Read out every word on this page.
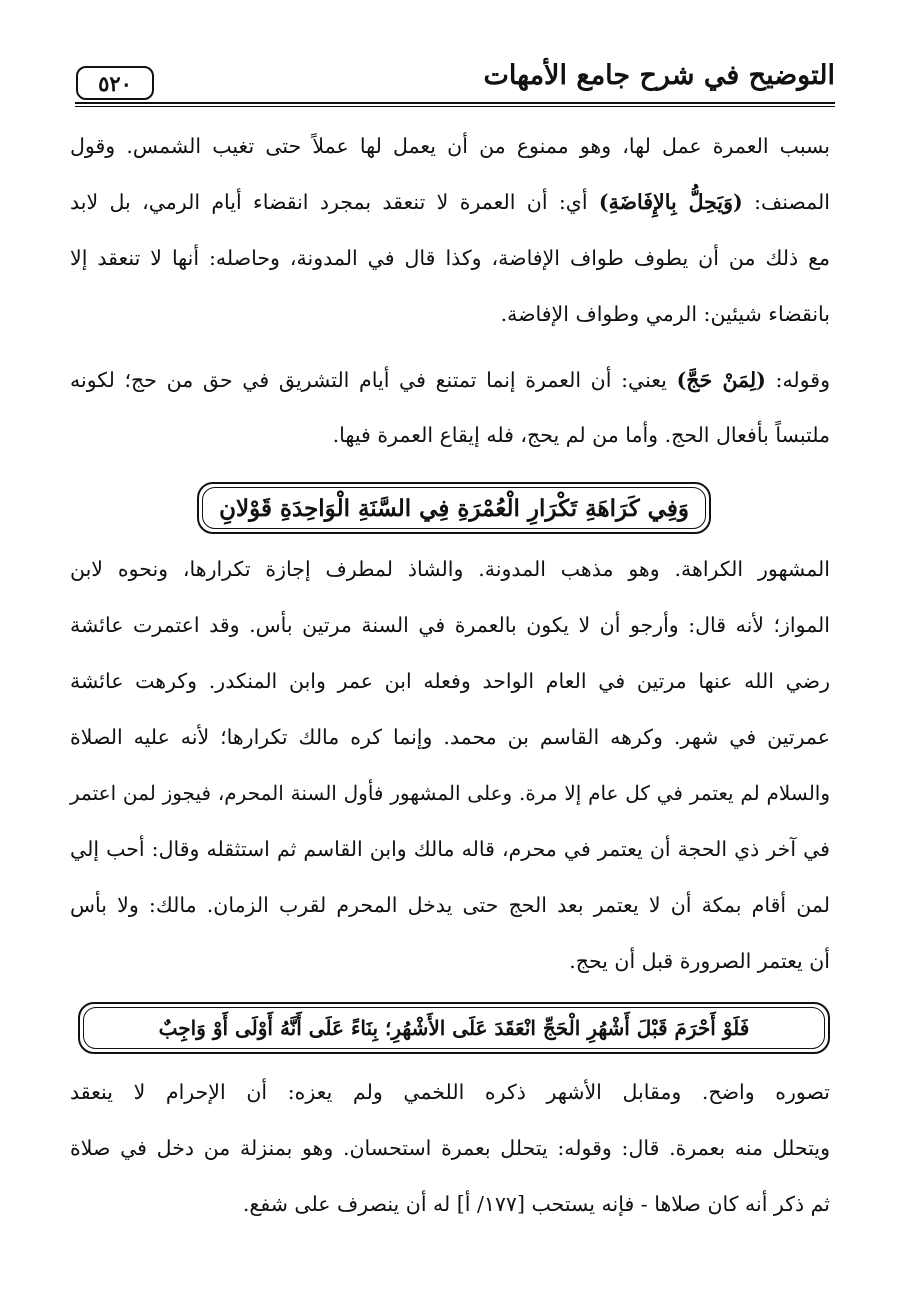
٥٢٠	التوضيح في شرح جامع الأمهات
بسبب العمرة عمل لها، وهو ممنوع من أن يعمل لها عملاً حتى تغيب الشمس. وقول
المصنف: (وَيَحِلُّ بِالإِفَاضَةِ) أي: أن العمرة لا تنعقد بمجرد انقضاء أيام الرمي، بل لابد
مع ذلك من أن يطوف طواف الإفاضة، وكذا قال في المدونة، وحاصله: أنها لا تنعقد إلا
بانقضاء شيئين: الرمي وطواف الإفاضة.
وقوله: (لِمَنْ حَجَّ) يعني: أن العمرة إنما تمتنع في أيام التشريق في حق من حج؛ لكونه
ملتبساً بأفعال الحج. وأما من لم يحج، فله إيقاع العمرة فيها.
وَفِي كَرَاهَةِ تَكْرَارِ الْعُمْرَةِ فِي السَّنَةِ الْوَاحِدَةِ قَوْلانِ
المشهور الكراهة. وهو مذهب المدونة. والشاذ لمطرف إجازة تكرارها، ونحوه لابن
المواز؛ لأنه قال: وأرجو أن لا يكون بالعمرة في السنة مرتين بأس. وقد اعتمرت عائشة
رضي الله عنها مرتين في العام الواحد وفعله ابن عمر وابن المنكدر. وكرهت عائشة
عمرتين في شهر. وكرهه القاسم بن محمد. وإنما كره مالك تكرارها؛ لأنه عليه الصلاة
والسلام لم يعتمر في كل عام إلا مرة. وعلى المشهور فأول السنة المحرم، فيجوز لمن اعتمر
في آخر ذي الحجة أن يعتمر في محرم، قاله مالك وابن القاسم ثم استثقله وقال: أحب إلي
لمن أقام بمكة أن لا يعتمر بعد الحج حتى يدخل المحرم لقرب الزمان. مالك: ولا بأس
أن يعتمر الصرورة قبل أن يحج.
فَلَوْ أَحْرَمَ قَبْلَ أَشْهُرِ الْحَجِّ انْعَقَدَ عَلَى الأَشْهُرِ؛ بِنَاءً عَلَى أَنَّهُ أَوْلَى أَوْ وَاجِبٌ
تصوره واضح. ومقابل الأشهر ذكره اللخمي ولم يعزه: أن الإحرام لا ينعقد
ويتحلل منه بعمرة. قال: وقوله: يتحلل بعمرة استحسان. وهو بمنزلة من دخل في صلاة
ثم ذكر أنه كان صلاها - فإنه يستحب [١٧٧/ أ] له أن ينصرف على شفع.
